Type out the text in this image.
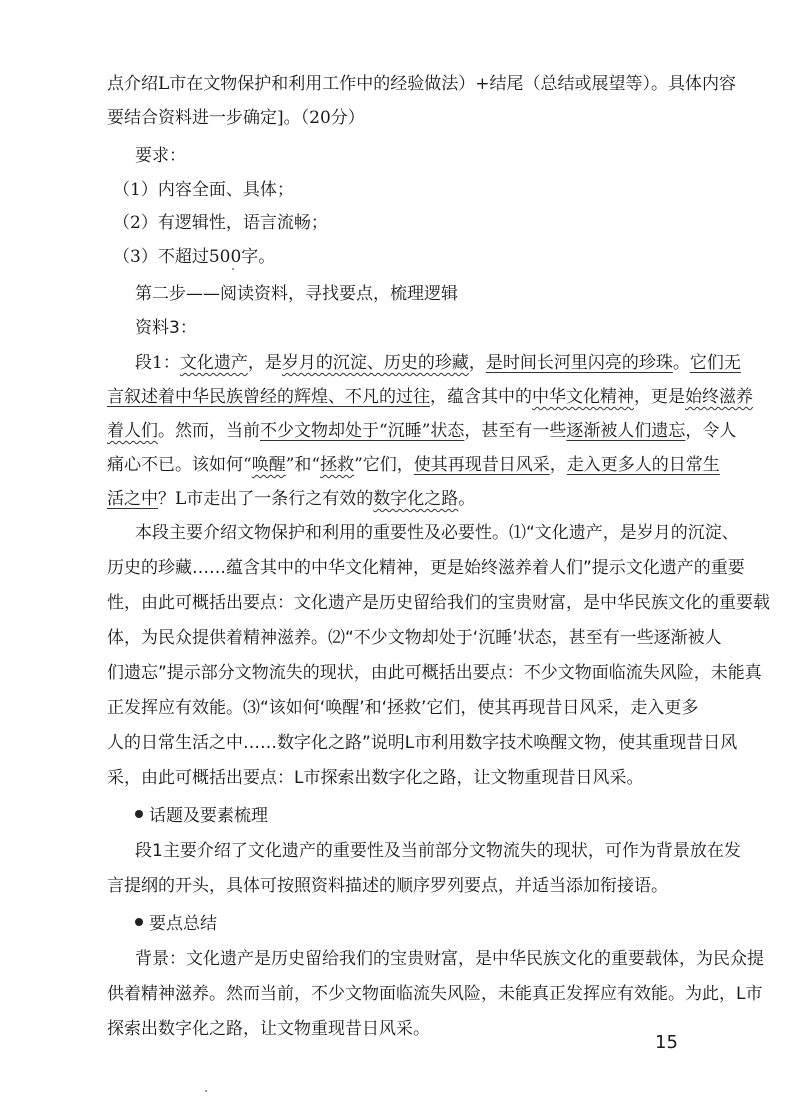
点介绍L市在文物保护和利用工作中的经验做法）+结尾（总结或展望等）。具体内容
要结合资料进一步确定]。（20分）
要求：
（1）内容全面、具体；
（2）有逻辑性，语言流畅；
（3）不超过500字。
第二步——阅读资料，寻找要点，梳理逻辑
资料3：
段1：文化遗产，是岁月的沉淀、历史的珍藏，是时间长河里闪亮的珍珠。它们无
言叙述着中华民族曾经的辉煌、不凡的过往，蕴含其中的中华文化精神，更是始终滋养
着人们。然而，当前不少文物却处于“沉睡”状态，甚至有一些逐渐被人们遗忘，令人
痛心不已。该如何“唤醒”和“拯救”它们，使其再现昔日风采，走入更多人的日常生
活之中？L市走出了一条行之有效的数字化之路。
本段主要介绍文物保护和利用的重要性及必要性。⑴“文化遗产，是岁月的沉淀、
历史的珍藏……蕴含其中的中华文化精神，更是始终滋养着人们”提示文化遗产的重要
性，由此可概括出要点：文化遗产是历史留给我们的宝贵财富，是中华民族文化的重要载
体，为民众提供着精神滋养。⑵“不少文物却处于‘沉睡’状态，甚至有一些逐渐被人
们遗忘”提示部分文物流失的现状，由此可概括出要点：不少文物面临流失风险，未能真
正发挥应有效能。⑶“该如何‘唤醒’和‘拯救’它们，使其再现昔日风采，走入更多
人的日常生活之中……数字化之路”说明L市利用数字技术唤醒文物，使其重现昔日风
采，由此可概括出要点：L市探索出数字化之路，让文物重现昔日风采。
话题及要素梳理
段1主要介绍了文化遗产的重要性及当前部分文物流失的现状，可作为背景放在发
言提纲的开头，具体可按照资料描述的顺序罗列要点，并适当添加衔接语。
要点总结
背景：文化遗产是历史留给我们的宝贵财富，是中华民族文化的重要载体，为民众提
供着精神滋养。然而当前，不少文物面临流失风险，未能真正发挥应有效能。为此，L市
探索出数字化之路，让文物重现昔日风采。
15
